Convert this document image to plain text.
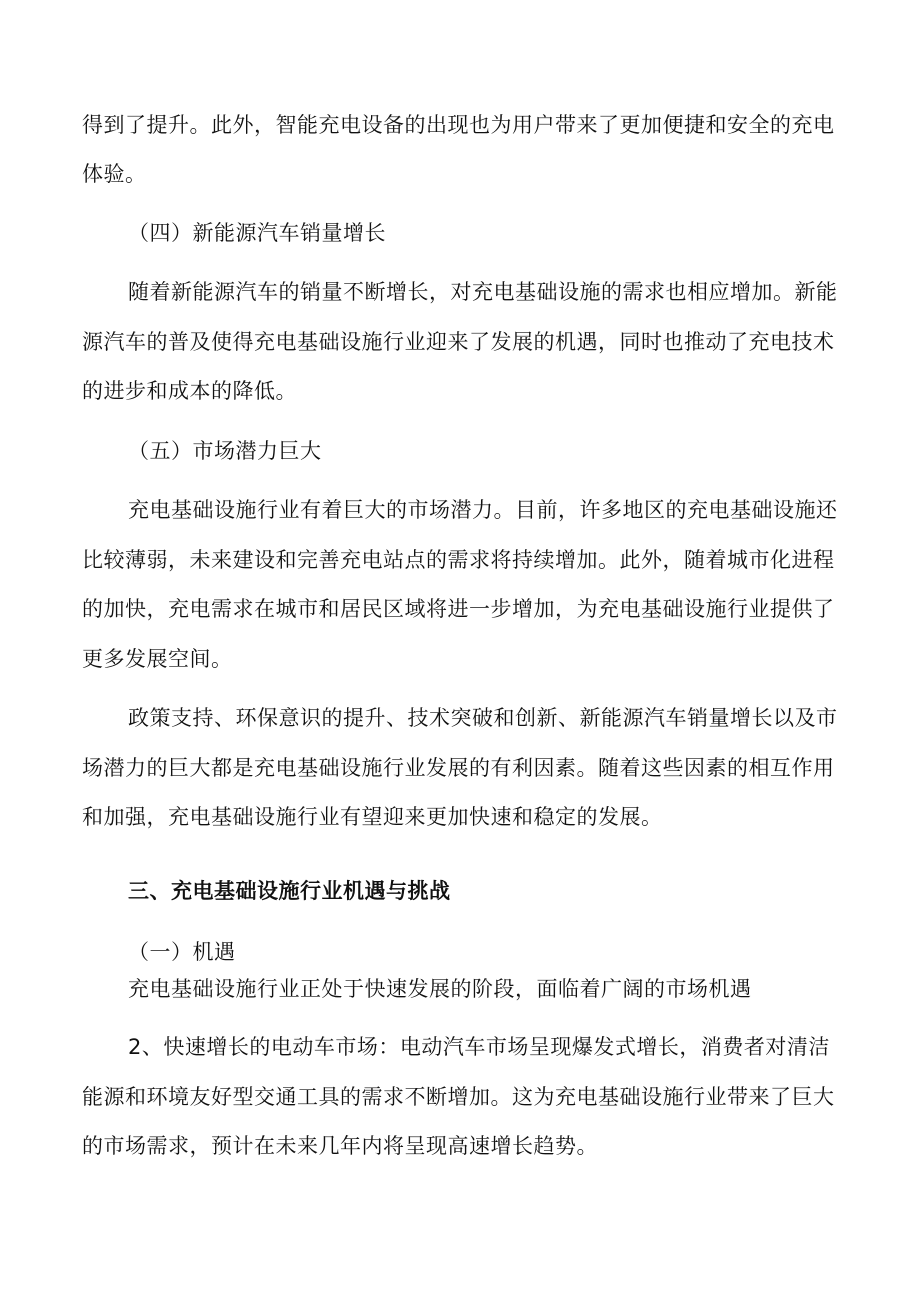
得到了提升。此外，智能充电设备的出现也为用户带来了更加便捷和安全的充电
体验。
（四）新能源汽车销量增长
随着新能源汽车的销量不断增长，对充电基础设施的需求也相应增加。新能
源汽车的普及使得充电基础设施行业迎来了发展的机遇，同时也推动了充电技术
的进步和成本的降低。
（五）市场潜力巨大
充电基础设施行业有着巨大的市场潜力。目前，许多地区的充电基础设施还
比较薄弱，未来建设和完善充电站点的需求将持续增加。此外，随着城市化进程
的加快，充电需求在城市和居民区域将进一步增加，为充电基础设施行业提供了
更多发展空间。
政策支持、环保意识的提升、技术突破和创新、新能源汽车销量增长以及市
场潜力的巨大都是充电基础设施行业发展的有利因素。随着这些因素的相互作用
和加强，充电基础设施行业有望迎来更加快速和稳定的发展。
三、充电基础设施行业机遇与挑战
（一）机遇
充电基础设施行业正处于快速发展的阶段，面临着广阔的市场机遇
2、快速增长的电动车市场：电动汽车市场呈现爆发式增长，消费者对清洁
能源和环境友好型交通工具的需求不断增加。这为充电基础设施行业带来了巨大
的市场需求，预计在未来几年内将呈现高速增长趋势。
